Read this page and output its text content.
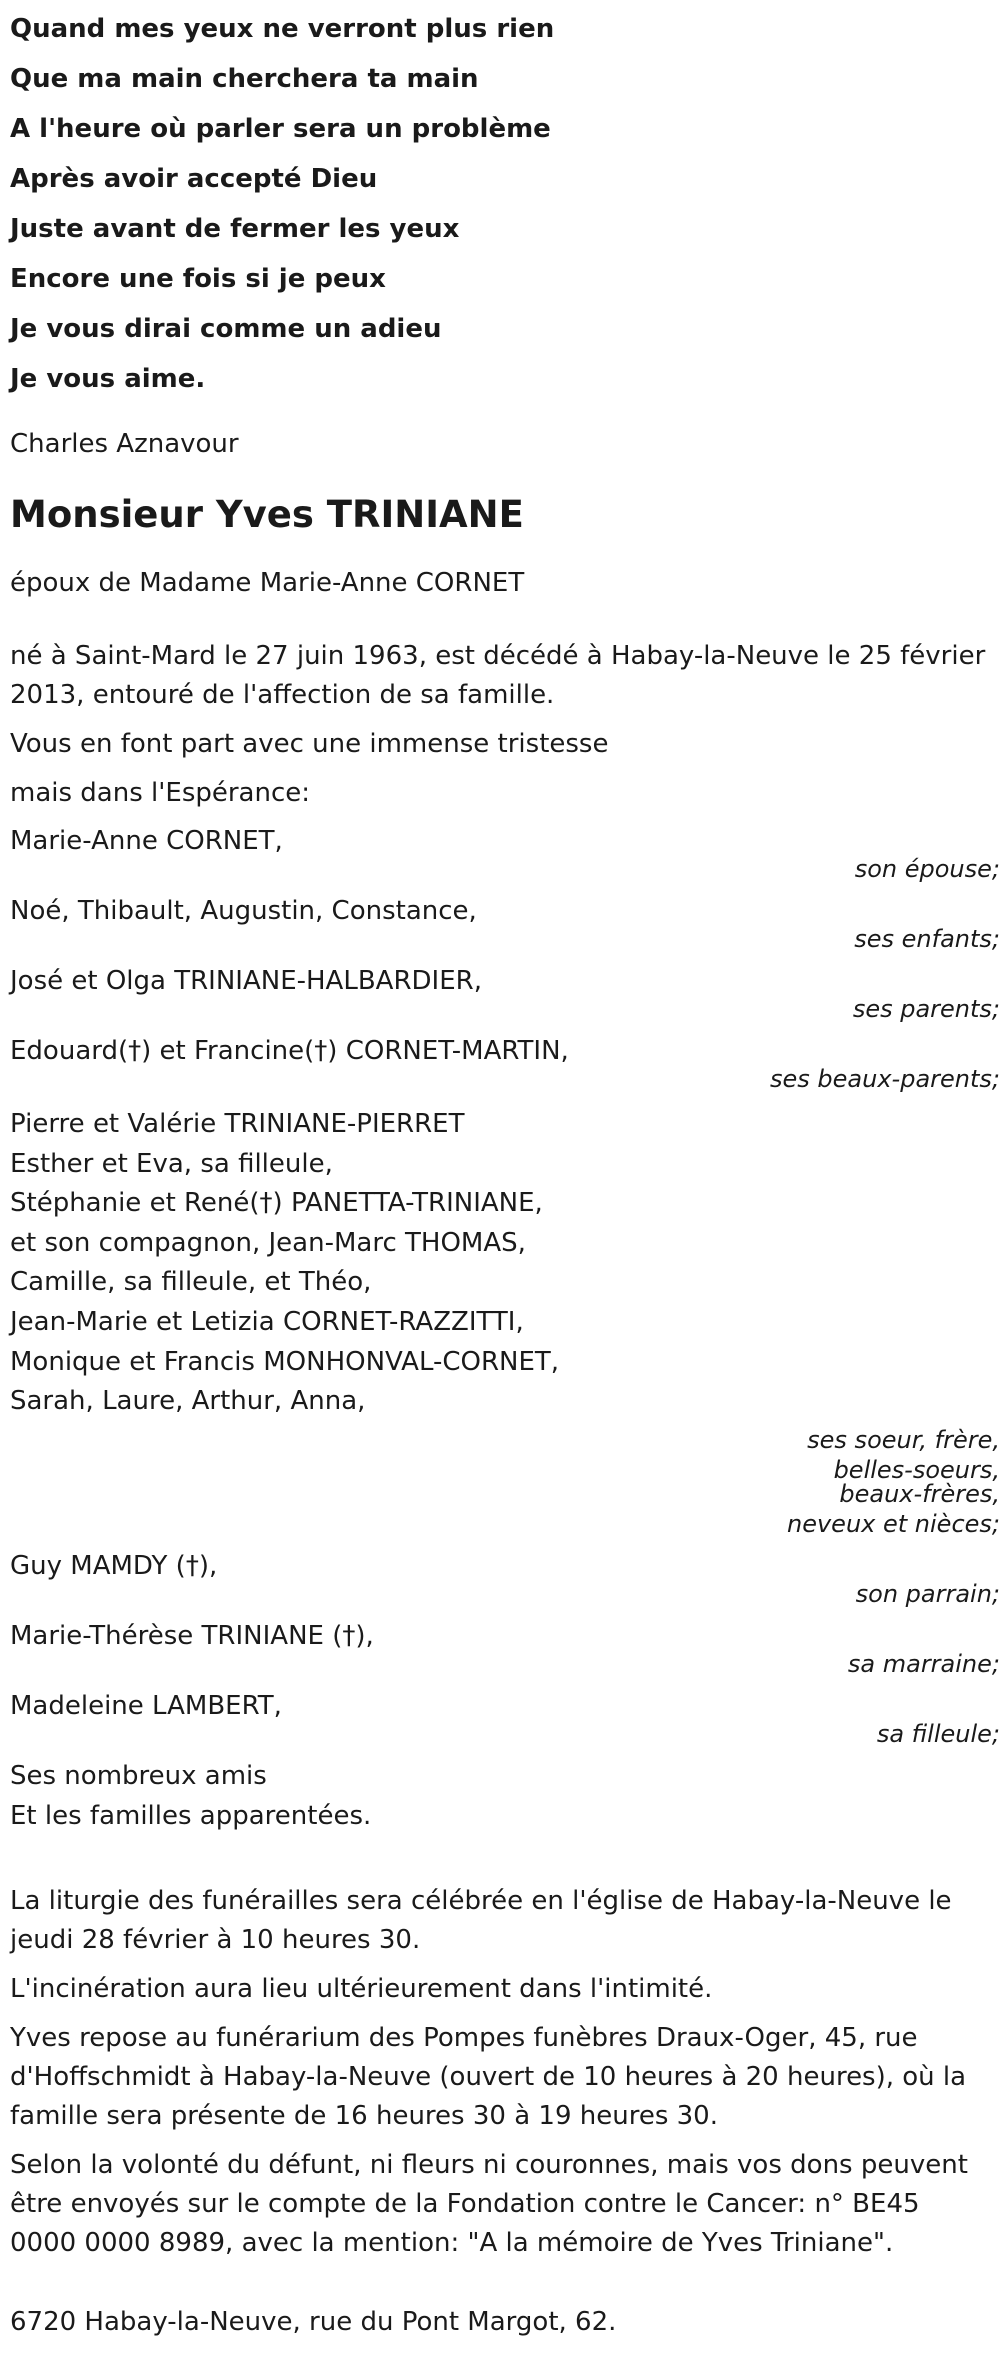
Quand mes yeux ne verront plus rien
Que ma main cherchera ta main
A l'heure où parler sera un problème
Après avoir accepté Dieu
Juste avant de fermer les yeux
Encore une fois si je peux
Je vous dirai comme un adieu
Je vous aime.
Charles Aznavour
Monsieur Yves TRINIANE
époux de Madame Marie-Anne CORNET
né à Saint-Mard le 27 juin 1963, est décédé à Habay-la-Neuve le 25 février 2013, entouré de l'affection de sa famille.
Vous en font part avec une immense tristesse
mais dans l'Espérance:
Marie-Anne CORNET,
son épouse;
Noé, Thibault, Augustin, Constance,
ses enfants;
José et Olga TRINIANE-HALBARDIER,
ses parents;
Edouard(†) et Francine(†) CORNET-MARTIN,
ses beaux-parents;
Pierre et Valérie TRINIANE-PIERRET
Esther et Eva, sa filleule,
Stéphanie et René(†) PANETTA-TRINIANE,
et son compagnon, Jean-Marc THOMAS,
Camille, sa filleule, et Théo,
Jean-Marie et Letizia CORNET-RAZZITTI,
Monique et Francis MONHONVAL-CORNET,
Sarah, Laure, Arthur, Anna,
ses soeur, frère,
belles-soeurs,
beaux-frères,
neveux et nièces;
Guy MAMDY (†),
son parrain;
Marie-Thérèse TRINIANE (†),
sa marraine;
Madeleine LAMBERT,
sa filleule;
Ses nombreux amis
Et les familles apparentées.
La liturgie des funérailles sera célébrée en l'église de Habay-la-Neuve le jeudi 28 février à 10 heures 30.
L'incinération aura lieu ultérieurement dans l'intimité.
Yves repose au funérarium des Pompes funèbres Draux-Oger, 45, rue d'Hoffschmidt à Habay-la-Neuve (ouvert de 10 heures à 20 heures), où la famille sera présente de 16 heures 30 à 19 heures 30.
Selon la volonté du défunt, ni fleurs ni couronnes, mais vos dons peuvent être envoyés sur le compte de la Fondation contre le Cancer: n° BE45 0000 0000 8989, avec la mention: "A la mémoire de Yves Triniane".
6720 Habay-la-Neuve, rue du Pont Margot, 62.
